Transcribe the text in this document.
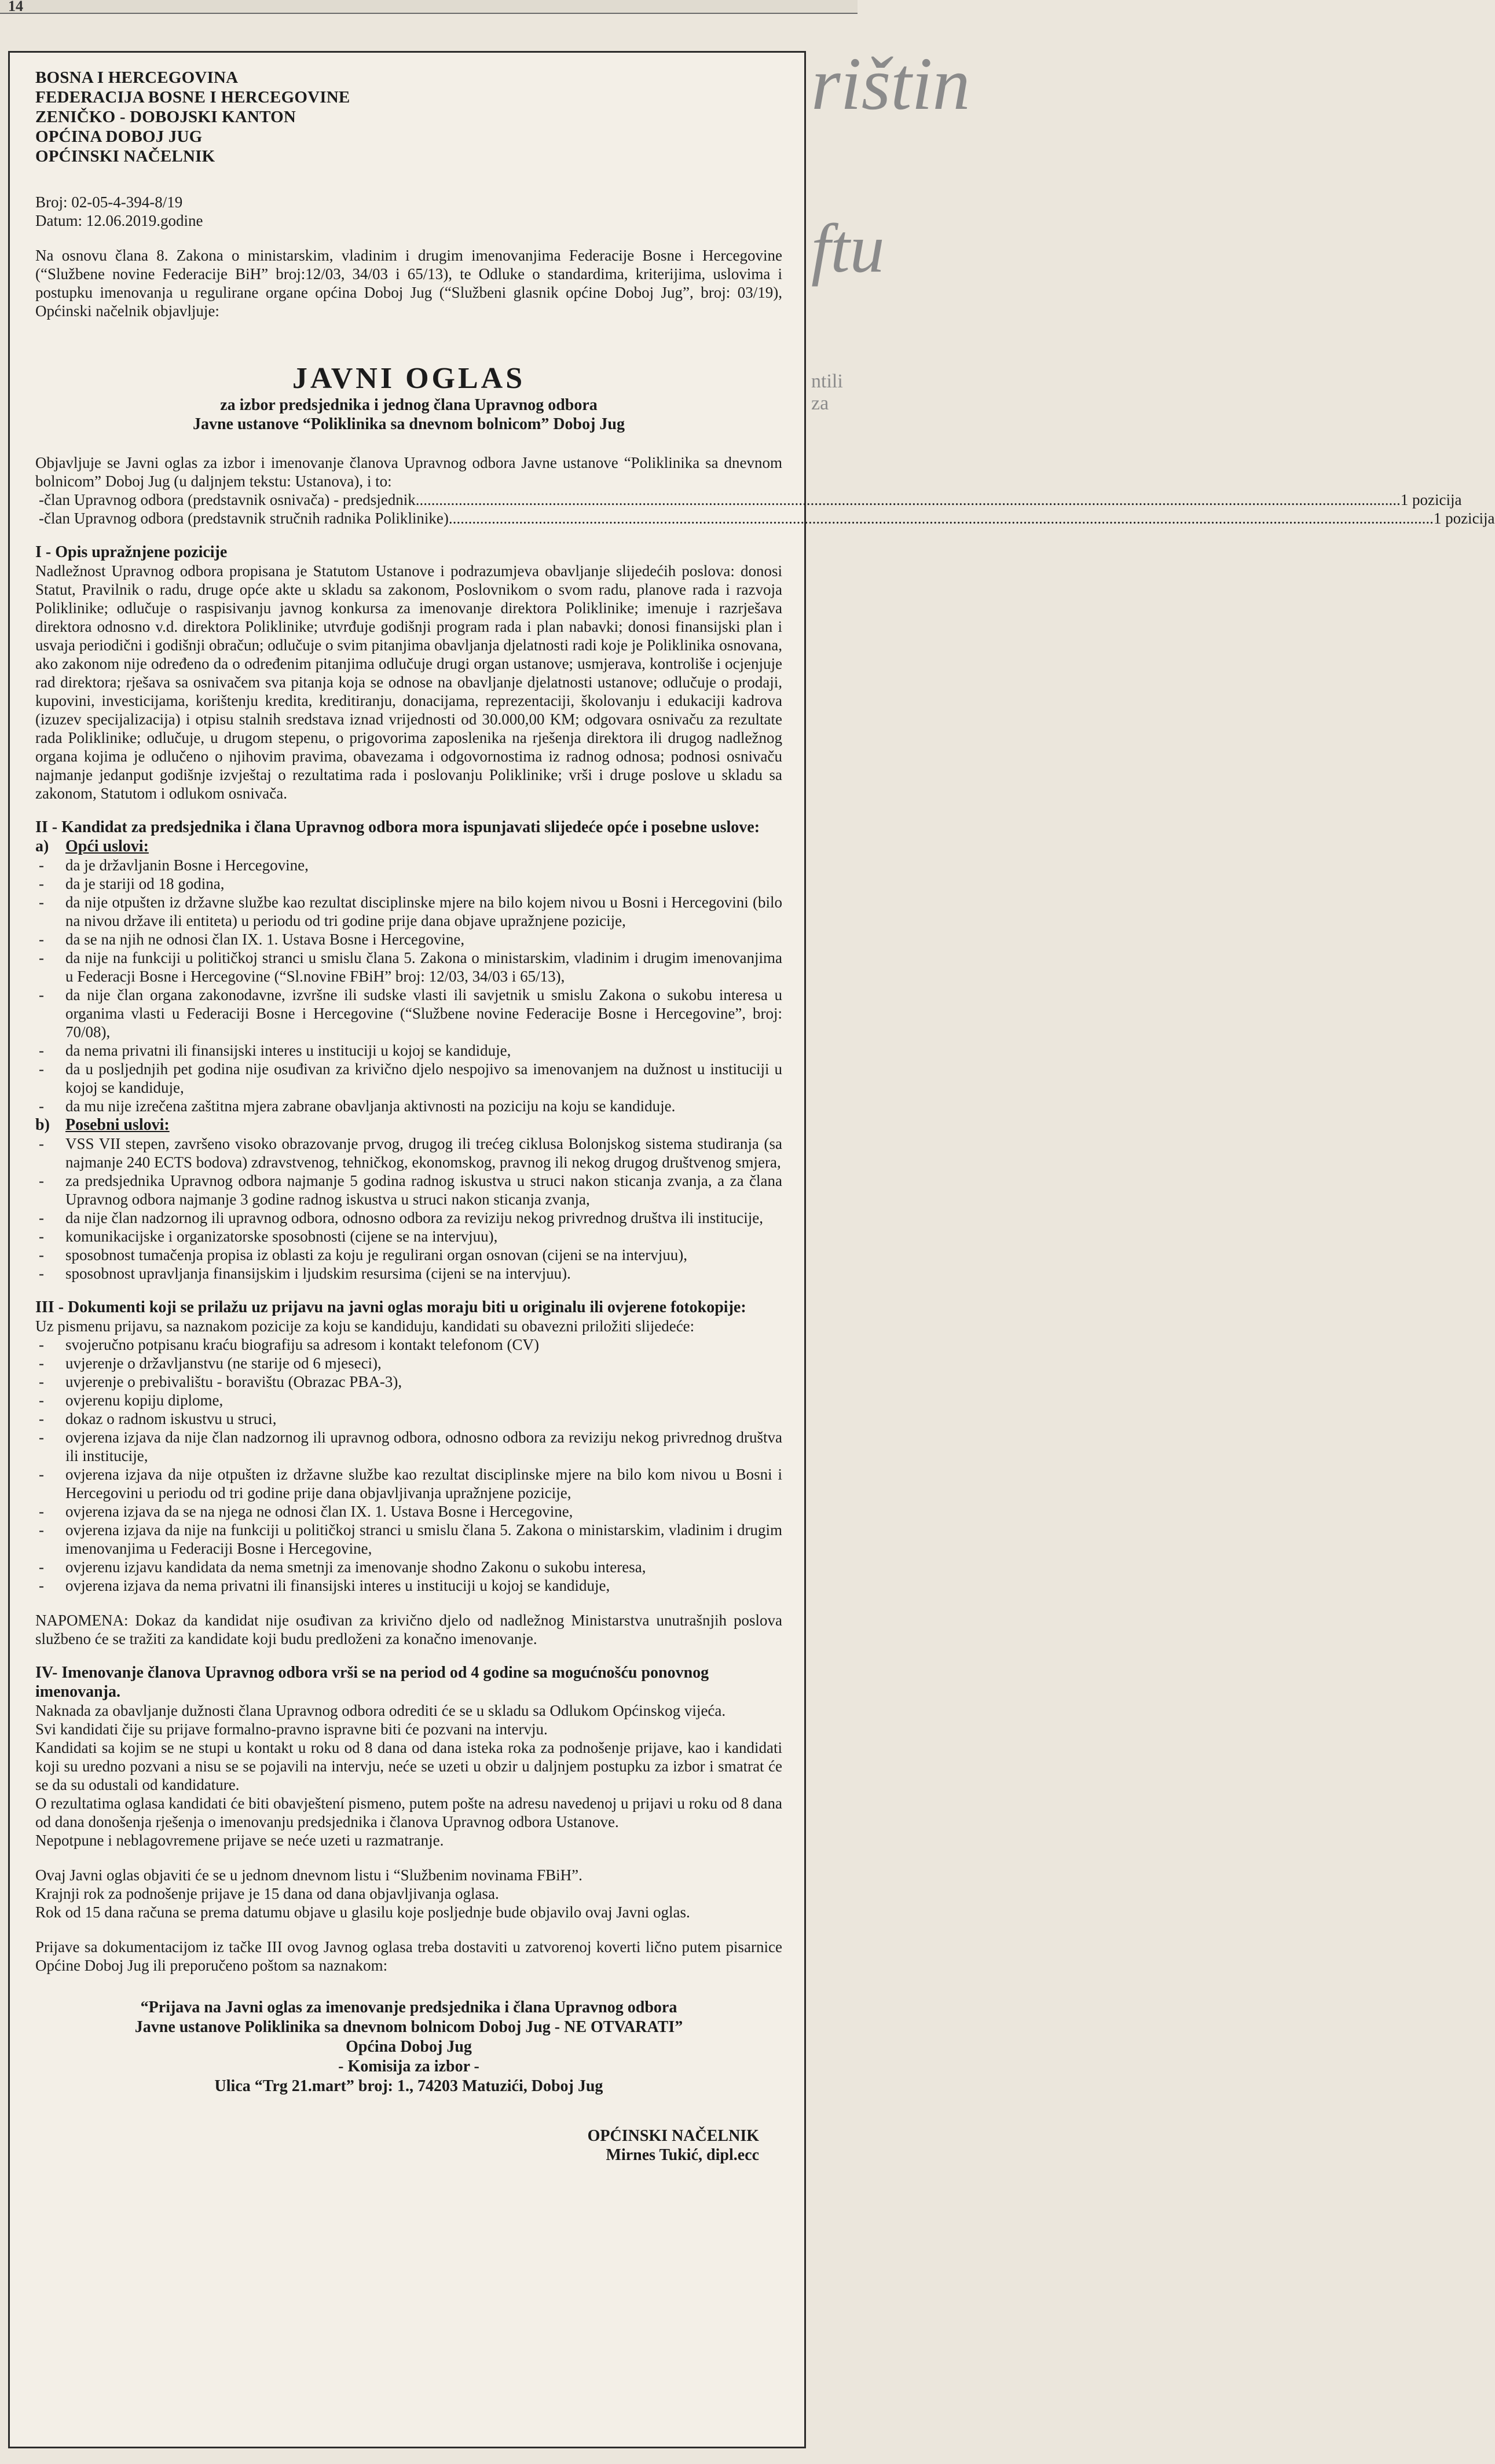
14
rištin
ftu
ntili za
BOSNA I HERCEGOVINA
FEDERACIJA BOSNE I HERCEGOVINE
ZENIČKO - DOBOJSKI KANTON
OPĆINA DOBOJ JUG
OPĆINSKI NAČELNIK
Broj: 02-05-4-394-8/19
Datum: 12.06.2019.godine

Na osnovu člana 8. Zakona o ministarskim, vladinim i drugim imenovanjima Federacije Bosne i Hercegovine (“Službene novine Federacije BiH” broj:12/03, 34/03 i 65/13), te Odluke o standardima, kriterijima, uslovima i postupku imenovanja u regulirane organe općina Doboj Jug (“Službeni glasnik općine Doboj Jug”, broj: 03/19), Općinski načelnik objavljuje:

JAVNI OGLAS
za izbor predsjednika i jednog člana Upravnog odbora
Javne ustanove “Poliklinika sa dnevnom bolnicom” Doboj Jug

Objavljuje se Javni oglas za izbor i imenovanje članova Upravnog odbora Javne ustanove “Poliklinika sa dnevnom bolnicom” Doboj Jug (u daljnjem tekstu: Ustanova), i to:

- član Upravnog odbora (predstavnik osnivača) - predsjednik .....	1 pozicija
- član Upravnog odbora (predstavnik stručnih radnika Poliklinike) .....	1 pozicija
I - Opis upražnjene pozicije

Nadležnost Upravnog odbora propisana je Statutom Ustanove i podrazumjeva obavljanje slijedećih poslova: donosi Statut, Pravilnik o radu, druge opće akte u skladu sa zakonom, Poslovnikom o svom radu, planove rada i razvoja Poliklinike; odlučuje o raspisivanju javnog konkursa za imenovanje direktora Poliklinike; imenuje i razrješava direktora odnosno v.d. direktora Poliklinike; utvrđuje godišnji program rada i plan nabavki; donosi finansijski plan i usvaja periodični i godišnji obračun; odlučuje o svim pitanjima obavljanja djelatnosti radi koje je Poliklinika osnovana, ako zakonom nije određeno da o određenim pitanjima odlučuje drugi organ ustanove; usmjerava, kontroliše i ocjenjuje rad direktora; rješava sa osnivačem sva pitanja koja se odnose na obavljanje djelatnosti ustanove; odlučuje o prodaji, kupovini, investicijama, korištenju kredita, kreditiranju, donacijama, reprezentaciji, školovanju i edukaciji kadrova (izuzev specijalizacija) i otpisu stalnih sredstava iznad vrijednosti od 30.000,00 KM; odgovara osnivaču za rezultate rada Poliklinike; odlučuje, u drugom stepenu, o prigovorima zaposlenika na rješenja direktora ili drugog nadležnog organa kojima je odlučeno o njihovim pravima, obavezama i odgovornostima iz radnog odnosa; podnosi osnivaču najmanje jedanput godišnje izvještaj o rezultatima rada i poslovanju Poliklinike; vrši i druge poslove u skladu sa zakonom, Statutom i odlukom osnivača.

II - Kandidat za predsjednika i člana Upravnog odbora mora ispunjavati slijedeće opće i posebne uslove:
a)	Opći uslovi:
-	da je državljanin Bosne i Hercegovine,
-	da je stariji od 18 godina,
-	da nije otpušten iz državne službe kao rezultat disciplinske mjere na bilo kojem nivou u Bosni i Hercegovini (bilo na nivou države ili entiteta) u periodu od tri godine prije dana objave upražnjene pozicije,
-	da se na njih ne odnosi član IX. 1. Ustava Bosne i Hercegovine,
-	da nije na funkciji u političkoj stranci u smislu člana 5. Zakona o ministarskim, vladinim i drugim imenovanjima u Federacji Bosne i Hercegovine (“Sl.novine FBiH” broj: 12/03, 34/03 i 65/13),
-	da nije član organa zakonodavne, izvršne ili sudske vlasti ili savjetnik u smislu Zakona o sukobu interesa u organima vlasti u Federaciji Bosne i Hercegovine (“Službene novine Federacije Bosne i Hercegovine”, broj: 70/08),
-	da nema privatni ili finansijski interes u instituciji u kojoj se kandiduje,
-	da u posljednjih pet godina nije osuđivan za krivično djelo nespojivo sa imenovanjem na dužnost u instituciji u kojoj se kandiduje,
-	da mu nije izrečena zaštitna mjera zabrane obavljanja aktivnosti na poziciju na koju se kandiduje.
b) Posebni uslovi:
-	VSS VII stepen, završeno visoko obrazovanje prvog, drugog ili trećeg ciklusa Bolonjskog sistema studiranja (sa najmanje 240 ECTS bodova) zdravstvenog, tehničkog, ekonomskog, pravnog ili nekog drugog društvenog smjera,
-	za predsjednika Upravnog odbora najmanje 5 godina radnog iskustva u struci nakon sticanja zvanja, a za člana Upravnog odbora najmanje 3 godine radnog iskustva u struci nakon sticanja zvanja,
-	da nije član nadzornog ili upravnog odbora, odnosno odbora za reviziju nekog privrednog društva ili institucije,
-	komunikacijske i organizatorske sposobnosti (cijene se na intervjuu),
-	sposobnost tumačenja propisa iz oblasti za koju je regulirani organ osnovan (cijeni se na intervjuu),
-	sposobnost upravljanja finansijskim i ljudskim resursima (cijeni se na intervjuu).
III - Dokumenti koji se prilažu uz prijavu na javni oglas moraju biti u originalu ili ovjerene fotokopije:

Uz pismenu prijavu, sa naznakom pozicije za koju se kandiduju, kandidati su obavezni priložiti slijedeće:

-	svojeručno potpisanu kraću biografiju sa adresom i kontakt telefonom (CV)
-	uvjerenje o državljanstvu (ne starije od 6 mjeseci),
-	uvjerenje o prebivalištu - boravištu (Obrazac PBA-3),
-	ovjerenu kopiju diplome,
-	dokaz o radnom iskustvu u struci,
-	ovjerena izjava da nije član nadzornog ili upravnog odbora, odnosno odbora za reviziju nekog privrednog društva ili institucije,
-	ovjerena izjava da nije otpušten iz državne službe kao rezultat disciplinske mjere na bilo kom nivou u Bosni i Hercegovini u periodu od tri godine prije dana objavljivanja upražnjene pozicije,
-	ovjerena izjava da se na njega ne odnosi član IX. 1. Ustava Bosne i Hercegovine,
-	ovjerena izjava da nije na funkciji u političkoj stranci u smislu člana 5. Zakona o ministarskim, vladinim i drugim imenovanjima u Federaciji Bosne i Hercegovine,
-	ovjerenu izjavu kandidata da nema smetnji za imenovanje shodno Zakonu o sukobu interesa,
-	ovjerena izjava da nema privatni ili finansijski interes u instituciji u kojoj se kandiduje,

NAPOMENA: Dokaz da kandidat nije osuđivan za krivično djelo od nadležnog Ministarstva unutrašnjih poslova službeno će se tražiti za kandidate koji budu predloženi za konačno imenovanje.

IV- Imenovanje članova Upravnog odbora vrši se na period od 4 godine sa mogućnošću ponovnog imenovanja.

Naknada za obavljanje dužnosti člana Upravnog odbora odrediti će se u skladu sa Odlukom Općinskog vijeća.

Svi kandidati čije su prijave formalno-pravno ispravne biti će pozvani na intervju.

Kandidati sa kojim se ne stupi u kontakt u roku od 8 dana od dana isteka roka za podnošenje prijave, kao i kandidati koji su uredno pozvani a nisu se se pojavili na intervju, neće se uzeti u obzir u daljnjem postupku za izbor i smatrat će se da su odustali od kandidature.

O rezultatima oglasa kandidati će biti obavještení pismeno, putem pošte na adresu navedenoj u prijavi u roku od 8 dana od dana donošenja rješenja o imenovanju predsjednika i članova Upravnog odbora Ustanove.

Nepotpune i neblagovremene prijave se neće uzeti u razmatranje.

Ovaj Javni oglas objaviti će se u jednom dnevnom listu i “Službenim novinama FBiH”.

Krajnji rok za podnošenje prijave je 15 dana od dana objavljivanja oglasa.

Rok od 15 dana računa se prema datumu objave u glasilu koje posljednje bude objavilo ovaj Javni oglas.

Prijave sa dokumentacijom iz tačke III ovog Javnog oglasa treba dostaviti u zatvorenoj koverti lično putem pisarnice Općine Doboj Jug ili preporučeno poštom sa naznakom:

“Prijava na Javni oglas za imenovanje predsjednika i člana Upravnog odbora
Javne ustanove Poliklinika sa dnevnom bolnicom Doboj Jug - NE OTVARATI”
Općina Doboj Jug
- Komisija za izbor -
Ulica “Trg 21.mart” broj: 1., 74203 Matuzići, Doboj Jug
OPĆINSKI NAČELNIK
Mirnes Tukić, dipl.ecc
